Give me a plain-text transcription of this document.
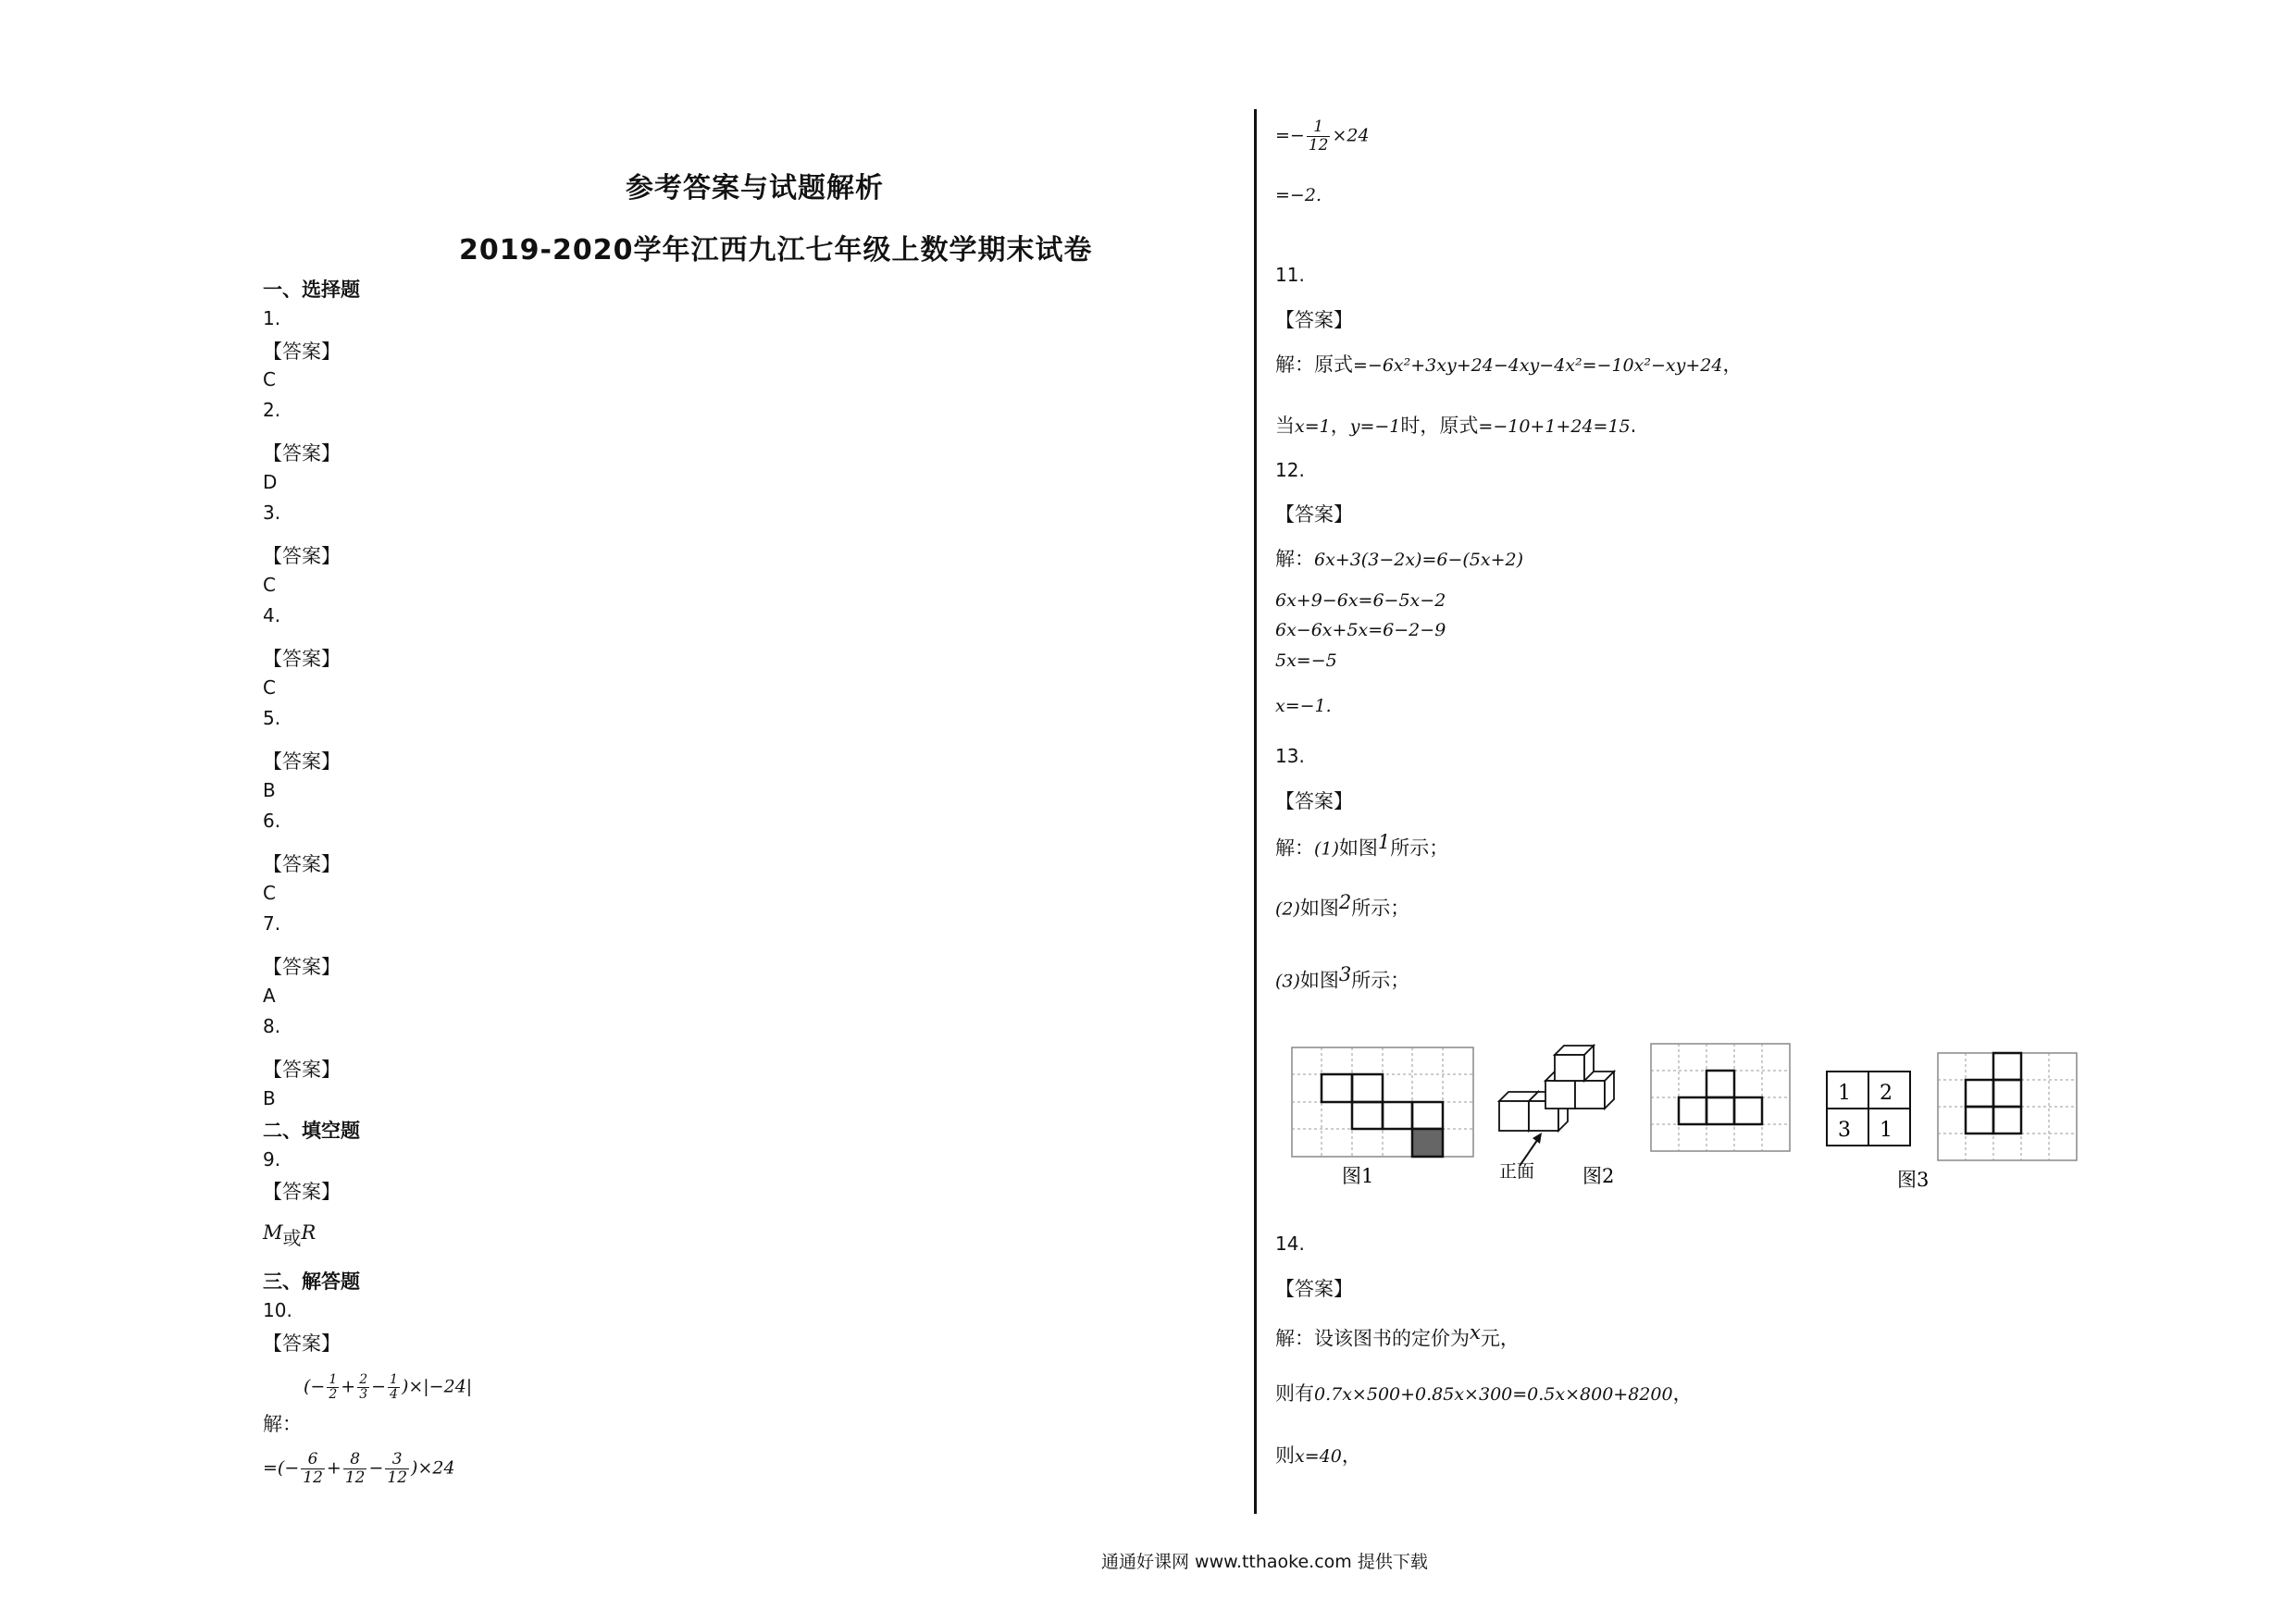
参考答案与试题解析
2019-2020学年江西九江七年级上数学期末试卷
一、选择题
1.
【答案】
C
2.
【答案】
D
3.
【答案】
C
4.
【答案】
C
5.
【答案】
B
6.
【答案】
C
7.
【答案】
A
8.
【答案】
B
二、填空题
9.
【答案】
M或R
三、解答题
10.
【答案】
解：
(− $\frac{1}{2} + \frac{2}{3} - \frac{1}{4} )\times|-24|$
=(− $\frac{6}{12} + \frac{8}{12} - \frac{3}{12} )\times 24$
=− $\frac{1}{12} \times 24$
=−2.
11.
【答案】
解：原式=−6x²+3xy+24−4xy−4x²=−10x²−xy+24，
当x=1，y=−1时，原式=−10+1+24=15.
12.
【答案】
解：6x+3(3−2x)=6−(5x+2)
6x+9−6x=6−5x−2
6x−6x+5x=6−2−9
5x=−5
x=−1.
13.
【答案】
解：(1)如图$^1$所示；
(2)如图$^2$所示；
(3)如图$^3$所示；
图1	正面 图2
1 2
3 1
图3
14.
【答案】
解：设该图书的定价为$^x$元，
则有0.7x×500+0.85x×300=0.5x×800+8200，
则x=40，
通通好课网 www.tthaoke.com 提供下载
